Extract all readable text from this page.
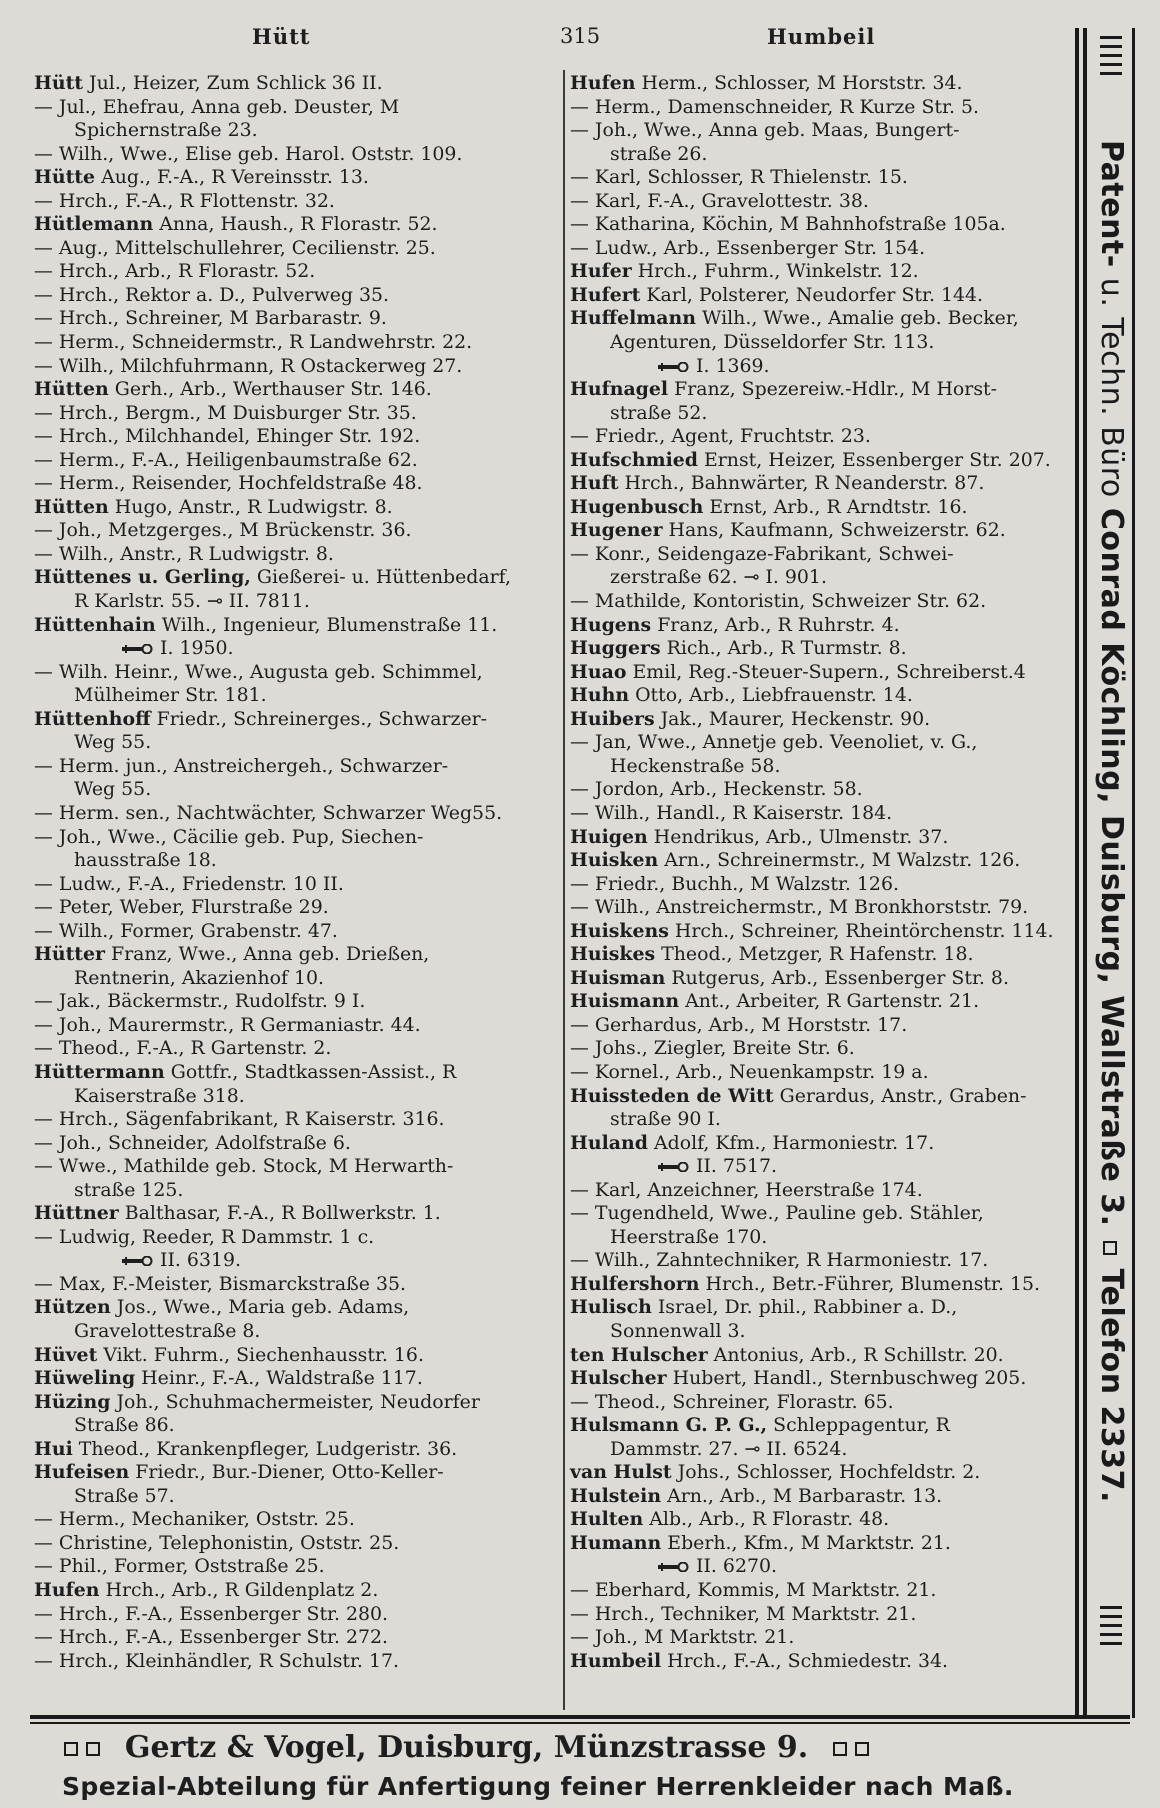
Hütt	315	Humbeil
Hütt Jul., Heizer, Zum Schlick 36 II.
— Jul., Ehefrau, Anna geb. Deuster, M
Spichernstraße 23.
— Wilh., Wwe., Elise geb. Harol. Oststr. 109.
Hütte Aug., F.-A., R Vereinsstr. 13.
— Hrch., F.-A., R Flottenstr. 32.
Hütlemann Anna, Haush., R Florastr. 52.
— Aug., Mittelschullehrer, Cecilienstr. 25.
— Hrch., Arb., R Florastr. 52.
— Hrch., Rektor a. D., Pulverweg 35.
— Hrch., Schreiner, M Barbarastr. 9.
— Herm., Schneidermstr., R Landwehrstr. 22.
— Wilh., Milchfuhrmann, R Ostackerweg 27.
Hütten Gerh., Arb., Werthauser Str. 146.
— Hrch., Bergm., M Duisburger Str. 35.
— Hrch., Milchhandel, Ehinger Str. 192.
— Herm., F.-A., Heiligenbaumstraße 62.
— Herm., Reisender, Hochfeldstraße 48.
Hütten Hugo, Anstr., R Ludwigstr. 8.
— Joh., Metzgerges., M Brückenstr. 36.
— Wilh., Anstr., R Ludwigstr. 8.
Hüttenes u. Gerling, Gießerei- u. Hüttenbedarf,
R Karlstr. 55. ⊸ II. 7811.
Hüttenhain Wilh., Ingenieur, Blumenstraße 11.
I. 1950.
— Wilh. Heinr., Wwe., Augusta geb. Schimmel,
Mülheimer Str. 181.
Hüttenhoff Friedr., Schreinerges., Schwarzer-
Weg 55.
— Herm. jun., Anstreichergeh., Schwarzer-
Weg 55.
— Herm. sen., Nachtwächter, Schwarzer Weg55.
— Joh., Wwe., Cäcilie geb. Pup, Siechen-
hausstraße 18.
— Ludw., F.-A., Friedenstr. 10 II.
— Peter, Weber, Flurstraße 29.
— Wilh., Former, Grabenstr. 47.
Hütter Franz, Wwe., Anna geb. Drießen,
Rentnerin, Akazienhof 10.
— Jak., Bäckermstr., Rudolfstr. 9 I.
— Joh., Maurermstr., R Germaniastr. 44.
— Theod., F.-A., R Gartenstr. 2.
Hüttermann Gottfr., Stadtkassen-Assist., R
Kaiserstraße 318.
— Hrch., Sägenfabrikant, R Kaiserstr. 316.
— Joh., Schneider, Adolfstraße 6.
— Wwe., Mathilde geb. Stock, M Herwarth-
straße 125.
Hüttner Balthasar, F.-A., R Bollwerkstr. 1.
— Ludwig, Reeder, R Dammstr. 1 c.
II. 6319.
— Max, F.-Meister, Bismarckstraße 35.
Hützen Jos., Wwe., Maria geb. Adams,
Gravelottestraße 8.
Hüvet Vikt. Fuhrm., Siechenhausstr. 16.
Hüweling Heinr., F.-A., Waldstraße 117.
Hüzing Joh., Schuhmachermeister, Neudorfer
Straße 86.
Hui Theod., Krankenpfleger, Ludgeristr. 36.
Hufeisen Friedr., Bur.-Diener, Otto-Keller-
Straße 57.
— Herm., Mechaniker, Oststr. 25.
— Christine, Telephonistin, Oststr. 25.
— Phil., Former, Oststraße 25.
Hufen Hrch., Arb., R Gildenplatz 2.
— Hrch., F.-A., Essenberger Str. 280.
— Hrch., F.-A., Essenberger Str. 272.
— Hrch., Kleinhändler, R Schulstr. 17.
Hufen Herm., Schlosser, M Horststr. 34.
— Herm., Damenschneider, R Kurze Str. 5.
— Joh., Wwe., Anna geb. Maas, Bungert-
straße 26.
— Karl, Schlosser, R Thielenstr. 15.
— Karl, F.-A., Gravelottestr. 38.
— Katharina, Köchin, M Bahnhofstraße 105a.
— Ludw., Arb., Essenberger Str. 154.
Hufer Hrch., Fuhrm., Winkelstr. 12.
Hufert Karl, Polsterer, Neudorfer Str. 144.
Huffelmann Wilh., Wwe., Amalie geb. Becker,
Agenturen, Düsseldorfer Str. 113.
I. 1369.
Hufnagel Franz, Spezereiw.-Hdlr., M Horst-
straße 52.
— Friedr., Agent, Fruchtstr. 23.
Hufschmied Ernst, Heizer, Essenberger Str. 207.
Huft Hrch., Bahnwärter, R Neanderstr. 87.
Hugenbusch Ernst, Arb., R Arndtstr. 16.
Hugener Hans, Kaufmann, Schweizerstr. 62.
— Konr., Seidengaze-Fabrikant, Schwei-
zerstraße 62. ⊸ I. 901.
— Mathilde, Kontoristin, Schweizer Str. 62.
Hugens Franz, Arb., R Ruhrstr. 4.
Huggers Rich., Arb., R Turmstr. 8.
Huao Emil, Reg.-Steuer-Supern., Schreiberst.4
Huhn Otto, Arb., Liebfrauenstr. 14.
Huibers Jak., Maurer, Heckenstr. 90.
— Jan, Wwe., Annetje geb. Veenoliet, v. G.,
Heckenstraße 58.
— Jordon, Arb., Heckenstr. 58.
— Wilh., Handl., R Kaiserstr. 184.
Huigen Hendrikus, Arb., Ulmenstr. 37.
Huisken Arn., Schreinermstr., M Walzstr. 126.
— Friedr., Buchh., M Walzstr. 126.
— Wilh., Anstreichermstr., M Bronkhorststr. 79.
Huiskens Hrch., Schreiner, Rheintörchenstr. 114.
Huiskes Theod., Metzger, R Hafenstr. 18.
Huisman Rutgerus, Arb., Essenberger Str. 8.
Huismann Ant., Arbeiter, R Gartenstr. 21.
— Gerhardus, Arb., M Horststr. 17.
— Johs., Ziegler, Breite Str. 6.
— Kornel., Arb., Neuenkampstr. 19 a.
Huissteden de Witt Gerardus, Anstr., Graben-
straße 90 I.
Huland Adolf, Kfm., Harmoniestr. 17.
II. 7517.
— Karl, Anzeichner, Heerstraße 174.
— Tugendheld, Wwe., Pauline geb. Stähler,
Heerstraße 170.
— Wilh., Zahntechniker, R Harmoniestr. 17.
Hulfershorn Hrch., Betr.-Führer, Blumenstr. 15.
Hulisch Israel, Dr. phil., Rabbiner a. D.,
Sonnenwall 3.
ten Hulscher Antonius, Arb., R Schillstr. 20.
Hulscher Hubert, Handl., Sternbuschweg 205.
— Theod., Schreiner, Florastr. 65.
Hulsmann G. P. G., Schleppagentur, R
Dammstr. 27. ⊸ II. 6524.
van Hulst Johs., Schlosser, Hochfeldstr. 2.
Hulstein Arn., Arb., M Barbarastr. 13.
Hulten Alb., Arb., R Florastr. 48.
Humann Eberh., Kfm., M Marktstr. 21.
II. 6270.
— Eberhard, Kommis, M Marktstr. 21.
— Hrch., Techniker, M Marktstr. 21.
— Joh., M Marktstr. 21.
Humbeil Hrch., F.-A., Schmiedestr. 34.
Patent- u. Techn. Büro Conrad Köchling, Duisburg, Wallstraße 3.  Telefon 2337.
Gertz & Vogel, Duisburg, Münzstrasse 9.
Spezial-Abteilung für Anfertigung feiner Herrenkleider nach Maß.
